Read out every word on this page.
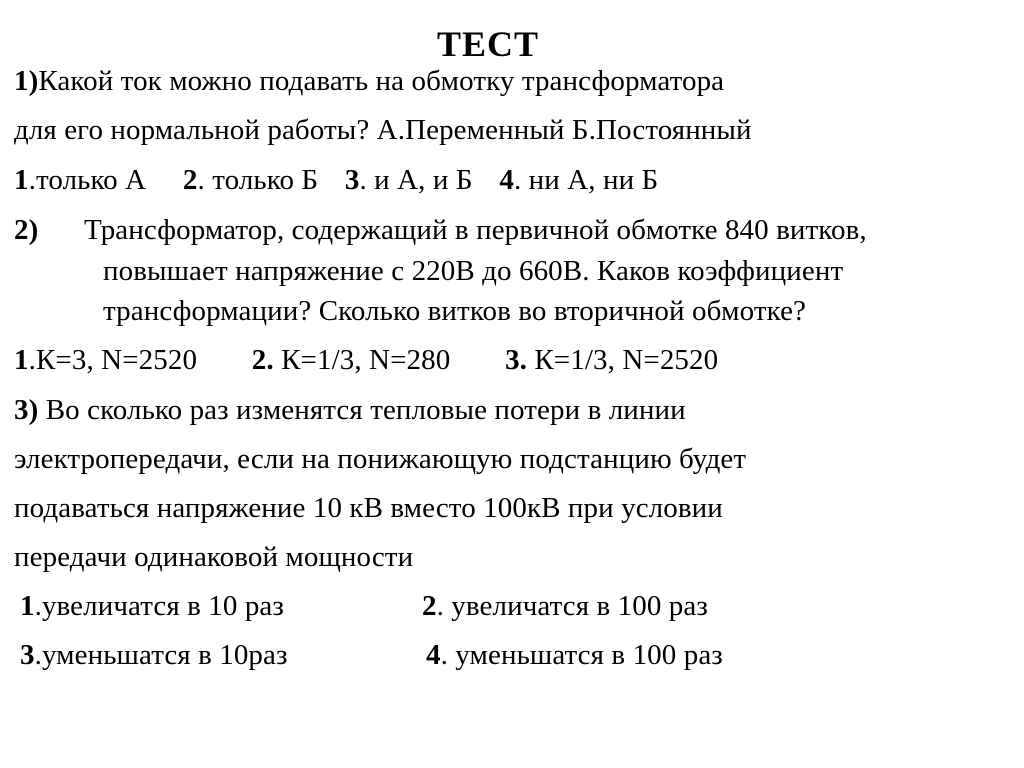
ТЕСТ
1)Какой ток можно подавать на обмотку трансформатора
для его нормальной работы? А.Переменный Б.Постоянный
1.только А 2. только Б 3. и А, и Б 4. ни А, ни Б
2) Трансформатор, содержащий в первичной обмотке 840 витков,
повышает напряжение с 220В до 660В. Каков коэффициент
трансформации? Сколько витков во вторичной обмотке?
1.К=3, N=2520 2. К=1/3, N=280 3. К=1/3, N=2520
3) Во сколько раз изменятся тепловые потери в линии
электропередачи, если на понижающую подстанцию будет
подаваться напряжение 10 кВ вместо 100кВ при условии
передачи одинаковой мощности
1.увеличатся в 10 раз	2. увеличатся в 100 раз
3.уменьшатся в 10раз	4. уменьшатся в 100 раз
